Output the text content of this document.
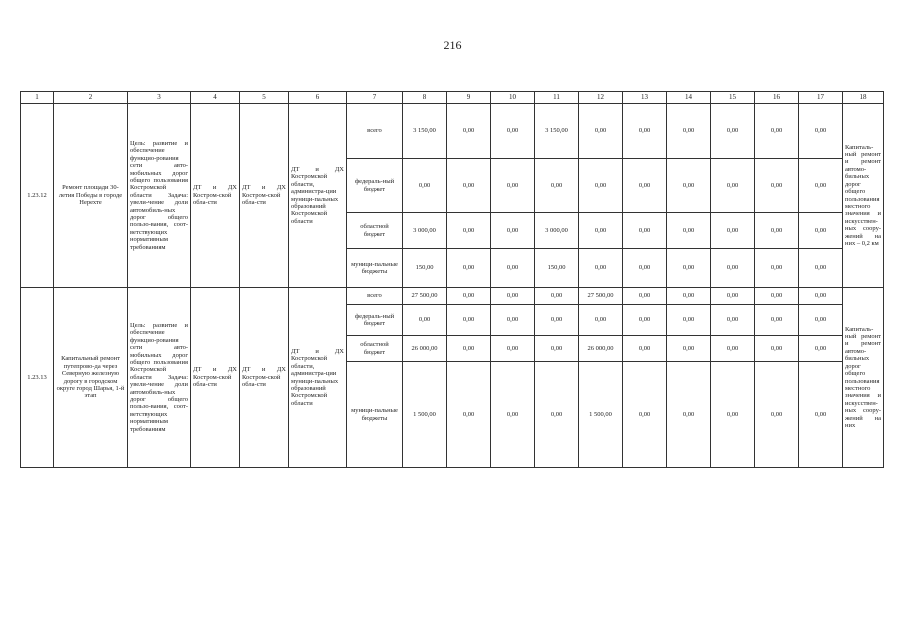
216
1	2	3	4	5	6	7	8	9	10	11	12	13	14	15	16	17	18
1.23.12	Ремонт площади 30-летия Победы в городе Нерехте	Цель: развитие и обеспечение функцио-рования сети авто-мобильных дорог общего пользования Костромской области Задача: увели-чение доли автомобиль-ных дорог общего пользо-вания, соот-ветствующих нормативным требованиям	ДТ и ДХ Костром-ской обла-сти	ДТ и ДХ Костром-ской обла-сти	ДТ и ДХ Костромской области, администра-ции муници-пальных образований Костромской области	всего	3 150,00	0,00	0,00	3 150,00	0,00	0,00	0,00	0,00	0,00	0,00	Капиталь-ный ремонт и ремонт автомо-бильных дорог общего пользования местного значения и искусствен-ных соору-жений на них – 0,2 км
						федераль-ный бюджет	0,00	0,00	0,00	0,00	0,00	0,00	0,00	0,00	0,00	0,00	
						областной бюджет	3 000,00	0,00	0,00	3 000,00	0,00	0,00	0,00	0,00	0,00	0,00	
						муници-пальные бюджеты	150,00	0,00	0,00	150,00	0,00	0,00	0,00	0,00	0,00	0,00	
1.23.13	Капитальный ремонт путепрово-да через Северную железную дорогу в городском округе город Шарья, 1-й этап	Цель: развитие и обеспечение функцио-рования сети авто-мобильных дорог общего пользования Костромской области Задача: увели-чение доли автомобиль-ных дорог общего пользо-вания, соот-ветствующих нормативным требованиям	ДТ и ДХ Костром-ской обла-сти	ДТ и ДХ Костром-ской обла-сти	ДТ и ДХ Костромской области, администра-ции муници-пальных образований Костромской области	всего	27 500,00	0,00	0,00	0,00	27 500,00	0,00	0,00	0,00	0,00	0,00	Капиталь-ный ремонт и ремонт автомо-бильных дорог общего пользования местного значения и искусствен-ных соору-жений на них
						федераль-ный бюджет	0,00	0,00	0,00	0,00	0,00	0,00	0,00	0,00	0,00	0,00	
						областной бюджет	26 000,00	0,00	0,00	0,00	26 000,00	0,00	0,00	0,00	0,00	0,00	
						муници-пальные бюджеты	1 500,00	0,00	0,00	0,00	1 500,00	0,00	0,00	0,00	0,00	0,00	
